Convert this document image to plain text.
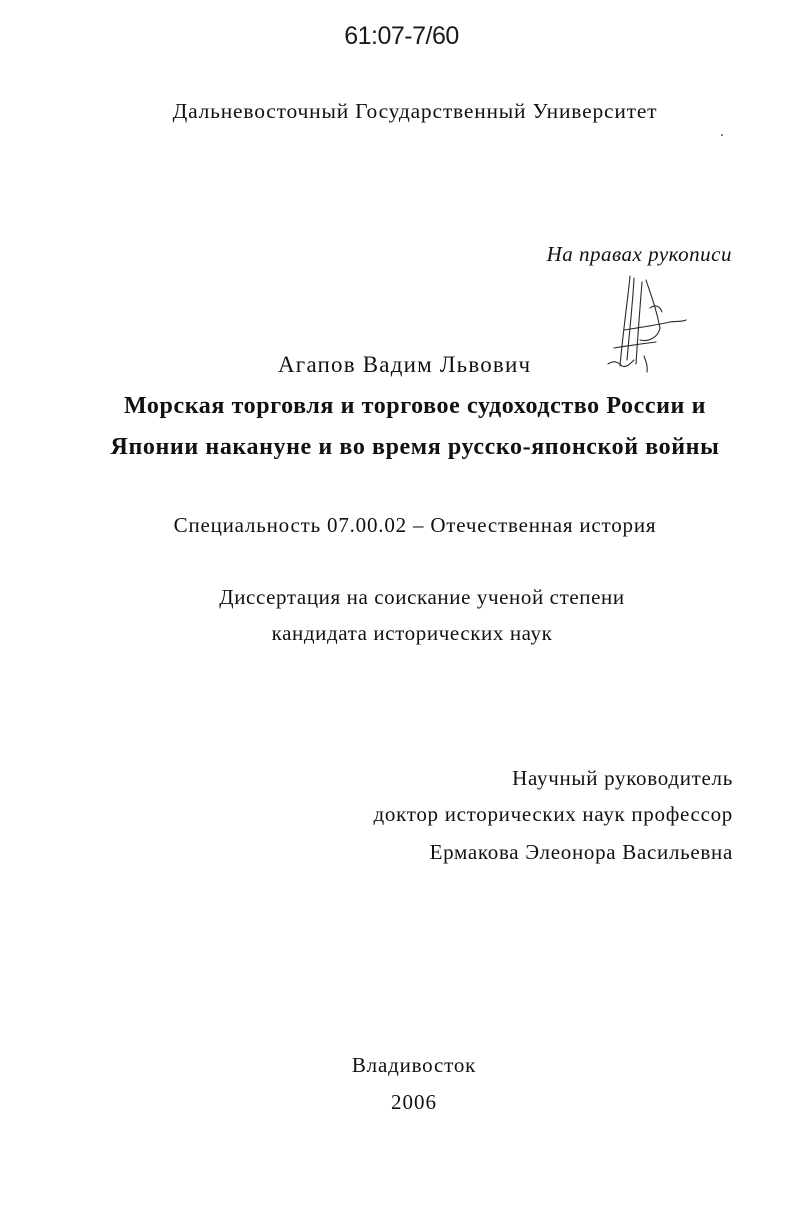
61:07-7/60
Дальневосточный Государственный Университет
На правах рукописи
Агапов Вадим Львович
Морская торговля и торговое судоходство России и
Японии накануне и во время русско-японской войны
Специальность 07.00.02 – Отечественная история
Диссертация на соискание ученой степени
кандидата исторических наук
Научный руководитель
доктор исторических наук профессор
Ермакова Элеонора Васильевна
Владивосток
2006
